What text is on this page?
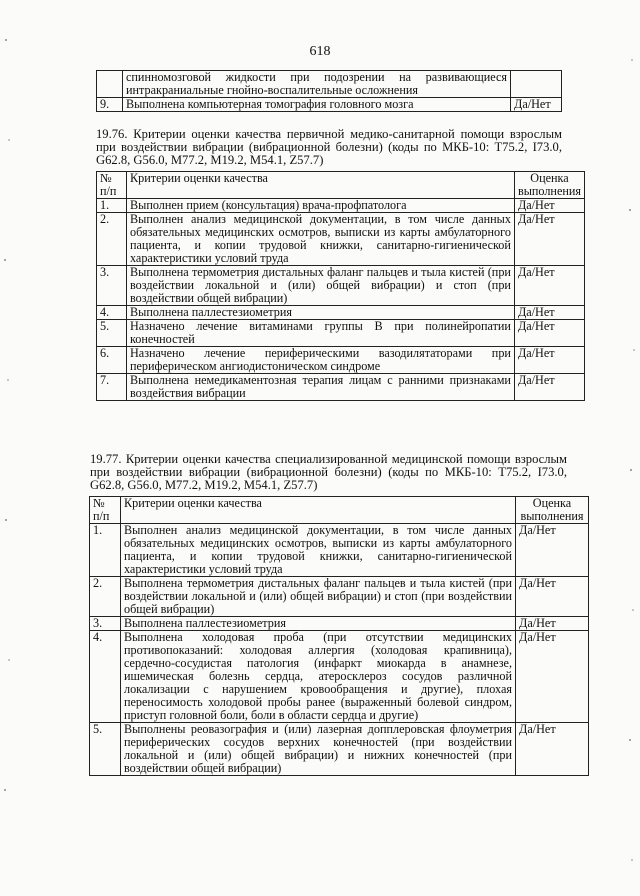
618
	спинномозговой жидкости при подозрении на развивающиеся интракраниальные гнойно-воспалительные осложнения	
9.	Выполнена компьютерная томография головного мозга	Да/Нет
19.76. Критерии оценки качества первичной медико-санитарной помощи взрослым при воздействии вибрации (вибрационной болезни) (коды по МКБ-10: T75.2, I73.0, G62.8, G56.0, M77.2, M19.2, M54.1, Z57.7)
№ п/п	Критерии оценки качества	Оценка выполнения
1.	Выполнен прием (консультация) врача-профпатолога	Да/Нет
2.	Выполнен анализ медицинской документации, в том числе данных обязательных медицинских осмотров, выписки из карты амбулаторного пациента, и копии трудовой книжки, санитарно-гигиенической характеристики условий труда	Да/Нет
3.	Выполнена термометрия дистальных фаланг пальцев и тыла кистей (при воздействии локальной и (или) общей вибрации) и стоп (при воздействии общей вибрации)	Да/Нет
4.	Выполнена паллестезиометрия	Да/Нет
5.	Назначено лечение витаминами группы В при полинейропатии конечностей	Да/Нет
6.	Назначено лечение периферическими вазодилятаторами при периферическом ангиодистоническом синдроме	Да/Нет
7.	Выполнена немедикаментозная терапия лицам с ранними признаками воздействия вибрации	Да/Нет
19.77. Критерии оценки качества специализированной медицинской помощи взрослым при воздействии вибрации (вибрационной болезни) (коды по МКБ-10: T75.2, I73.0, G62.8, G56.0, M77.2, M19.2, M54.1, Z57.7)
№ п/п	Критерии оценки качества	Оценка выполнения
1.	Выполнен анализ медицинской документации, в том числе данных обязательных медицинских осмотров, выписки из карты амбулаторного пациента, и копии трудовой книжки, санитарно-гигиенической характеристики условий труда	Да/Нет
2.	Выполнена термометрия дистальных фаланг пальцев и тыла кистей (при воздействии локальной и (или) общей вибрации) и стоп (при воздействии общей вибрации)	Да/Нет
3.	Выполнена паллестезиометрия	Да/Нет
4.	Выполнена холодовая проба (при отсутствии медицинских противопоказаний: холодовая аллергия (холодовая крапивница), сердечно-сосудистая патология (инфаркт миокарда в анамнезе, ишемическая болезнь сердца, атеросклероз сосудов различной локализации с нарушением кровообращения и другие), плохая переносимость холодовой пробы ранее (выраженный болевой синдром, приступ головной боли, боли в области сердца и другие)	Да/Нет
5.	Выполнены реовазография и (или) лазерная допплеровская флоуметрия периферических сосудов верхних конечностей (при воздействии локальной и (или) общей вибрации) и нижних конечностей (при воздействии общей вибрации)	Да/Нет
